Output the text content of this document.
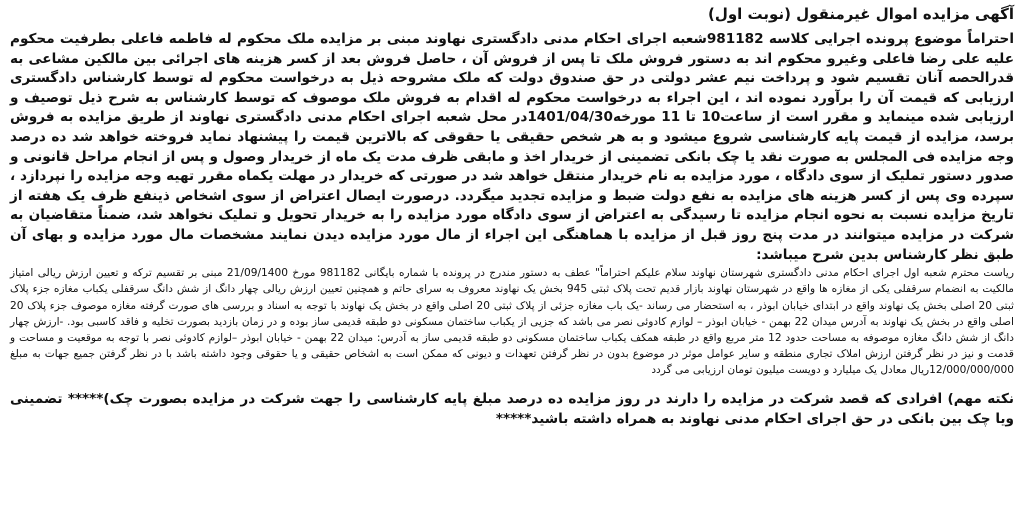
آگهی مزایده اموال غیرمنقول (نوبت اول)

احتراماً موضوع پرونده اجرایی کلاسه 981182شعبه اجرای احکام مدنی دادگستری نهاوند مبنی بر مزایده ملک محکوم له فاطمه فاعلی بطرفیت محکوم علیه علی رضا فاعلی وغیرو محکوم اند به دستور فروش ملک تا پس از فروش آن ، حاصل فروش بعد از کسر هزینه های اجرائی بین مالکین مشاعی به قدرالحصه آنان تقسیم شود و پرداخت نیم عشر دولتی در حق صندوق دولت که ملک مشروحه ذیل به درخواست محکوم له توسط کارشناس دادگستری ارزیابی که قیمت آن را برآورد نموده اند ، این اجراء به درخواست محکوم له اقدام به فروش ملک موصوف که توسط کارشناس به شرح ذیل توصیف و ارزیابی شده مینماید و مقرر است از ساعت10 تا 11 مورخه1401/04/30در محل شعبه اجرای احکام مدنی دادگستری نهاوند از طریق مزایده به فروش برسد، مزایده از قیمت پایه کارشناسی شروع میشود و به هر شخص حقیقی یا حقوقی که بالاترین قیمت را پیشنهاد نماید فروخته خواهد شد ده درصد وجه مزایده فی المجلس به صورت نقد یا چک بانکی تضمینی از خریدار اخذ و مابقی ظرف مدت یک ماه از خریدار وصول و پس از انجام مراحل قانونی و صدور دستور تملیک از سوی دادگاه ، مورد مزایده به نام خریدار منتقل خواهد شد در صورتی که خریدار در مهلت یکماه مقرر تهیه وجه مزایده را نپردازد ، سپرده وی پس از کسر هزینه های مزایده به نفع دولت ضبط و مزایده تجدید میگردد. درصورت ایصال اعتراض از سوی اشخاص ذینفع ظرف یک هفته از تاریخ مزایده نسبت به نحوه انجام مزایده تا رسیدگی به اعتراض از سوی دادگاه مورد مزایده را به خریدار تحویل و تملیک نخواهد شد، ضمناً متقاضیان به شرکت در مزایده میتوانند در مدت پنج روز قبل از مزایده با هماهنگی این اجراء از مال مورد مزایده دیدن نمایند مشخصات مال مورد مزایده و بهای آن طبق نظر کارشناس بدین شرح میباشد:

ریاست محترم شعبه اول اجرای احکام مدنی دادگستری شهرستان نهاوند سلام علیکم احتراماً" عطف به دستور مندرج در پرونده با شماره بایگانی 981182 مورخ 21/09/1400 مبنی بر تقسیم ترکه و تعیین ارزش ریالی امتیاز مالکیت به انضمام سرقفلی یکی از مغازه ها واقع در شهرستان نهاوند بازار قدیم تحت پلاک ثبتی 945 بخش یک نهاوند معروف به سرای حاتم و همچنین تعیین ارزش ریالی چهار دانگ از شش دانگ سرقفلی یکباب مغازه جزء پلاک ثبتی 20 اصلی بخش یک نهاوند واقع در ابتدای خیابان ابوذر ، به استحضار می رساند -یک باب مغازه جزئی از پلاک ثبتی 20 اصلی واقع در بخش یک نهاوند با توجه به اسناد و بررسی های صورت گرفته مغازه موصوف جزء پلاک 20 اصلی واقع در بخش یک نهاوند به آدرس میدان 22 بهمن - خیابان ابوذر – لوازم کادوئی نصر می باشد که جزیی از یکباب ساختمان مسکونی دو طبقه قدیمی ساز بوده و در زمان بازدید بصورت تخلیه و فاقد کاسبی بود. -ارزش چهار دانگ از شش دانگ مغازه موصوفه به مساحت حدود 12 متر مربع واقع در طبقه همکف یکباب ساختمان مسکونی دو طبقه قدیمی ساز به آدرس: میدان 22 بهمن - خیابان ابوذر –لوازم کادوئی نصر با توجه به موقعیت و مساحت و قدمت و نیز در نظر گرفتن ارزش املاک تجاری منطقه و سایر عوامل موثر در موضوع بدون در نظر گرفتن تعهدات و دیونی که ممکن است به اشخاص حقیقی و یا حقوقی وجود داشته باشد با در نظر گرفتن جمیع جهات به مبلغ 12/000/000/000ریال معادل یک میلیارد و دویست میلیون تومان ارزیابی می گردد

نکته مهم) افرادی که قصد شرکت در مزایده را دارند در روز مزایده ده درصد مبلغ پایه کارشناسی را جهت شرکت در مزایده بصورت چک)***** تضمینی ویا چک بین بانکی در حق اجرای احکام مدنی نهاوند به همراه داشته باشید*****
